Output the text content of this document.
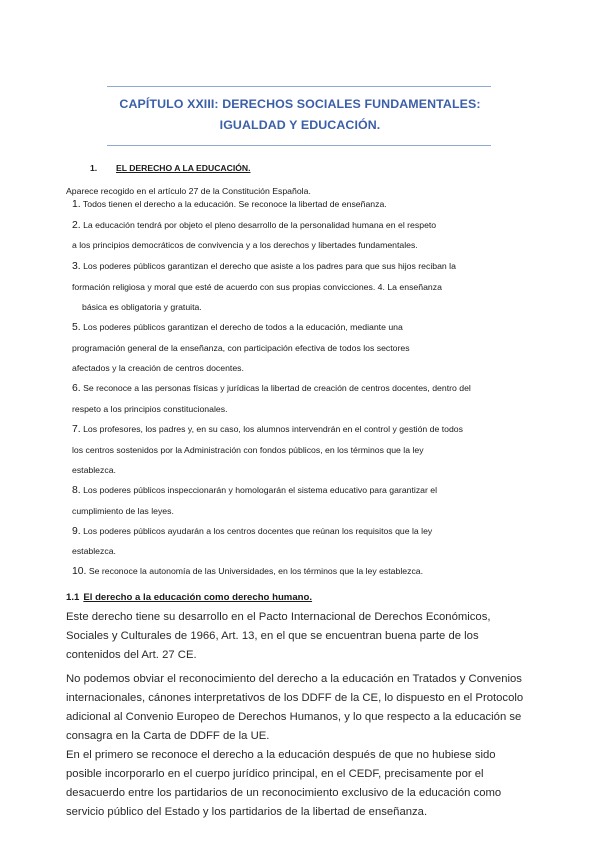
CAPÍTULO XXIII: DERECHOS SOCIALES FUNDAMENTALES:
IGUALDAD Y EDUCACIÓN.
1. EL DERECHO A LA EDUCACIÓN.
Aparece recogido en el artículo 27 de la Constitución Española.
1. Todos tienen el derecho a la educación. Se reconoce la libertad de enseñanza.
2. La educación tendrá por objeto el pleno desarrollo de la personalidad humana en el respeto
a los principios democráticos de convivencia y a los derechos y libertades fundamentales.
3. Los poderes públicos garantizan el derecho que asiste a los padres para que sus hijos reciban la
formación religiosa y moral que esté de acuerdo con sus propias convicciones. 4. La enseñanza
básica es obligatoria y gratuita.
5. Los poderes públicos garantizan el derecho de todos a la educación, mediante una
programación general de la enseñanza, con participación efectiva de todos los sectores
afectados y la creación de centros docentes.
6. Se reconoce a las personas físicas y jurídicas la libertad de creación de centros docentes, dentro del
respeto a los principios constitucionales.
7. Los profesores, los padres y, en su caso, los alumnos intervendrán en el control y gestión de todos
los centros sostenidos por la Administración con fondos públicos, en los términos que la ley
establezca.
8. Los poderes públicos inspeccionarán y homologarán el sistema educativo para garantizar el
cumplimiento de las leyes.
9. Los poderes públicos ayudarán a los centros docentes que reúnan los requisitos que la ley
establezca.
10. Se reconoce la autonomía de las Universidades, en los términos que la ley establezca.
1.1 El derecho a la educación como derecho humano.
Este derecho tiene su desarrollo en el Pacto Internacional de Derechos Económicos,
Sociales y Culturales de 1966, Art. 13, en el que se encuentran buena parte de los
contenidos del Art. 27 CE.
No podemos obviar el reconocimiento del derecho a la educación en Tratados y Convenios
internacionales, cánones interpretativos de los DDFF de la CE, lo dispuesto en el Protocolo
adicional al Convenio Europeo de Derechos Humanos, y lo que respecto a la educación se
consagra en la Carta de DDFF de la UE.
En el primero se reconoce el derecho a la educación después de que no hubiese sido
posible incorporarlo en el cuerpo jurídico principal, en el CEDF, precisamente por el
desacuerdo entre los partidarios de un reconocimiento exclusivo de la educación como
servicio público del Estado y los partidarios de la libertad de enseñanza.
